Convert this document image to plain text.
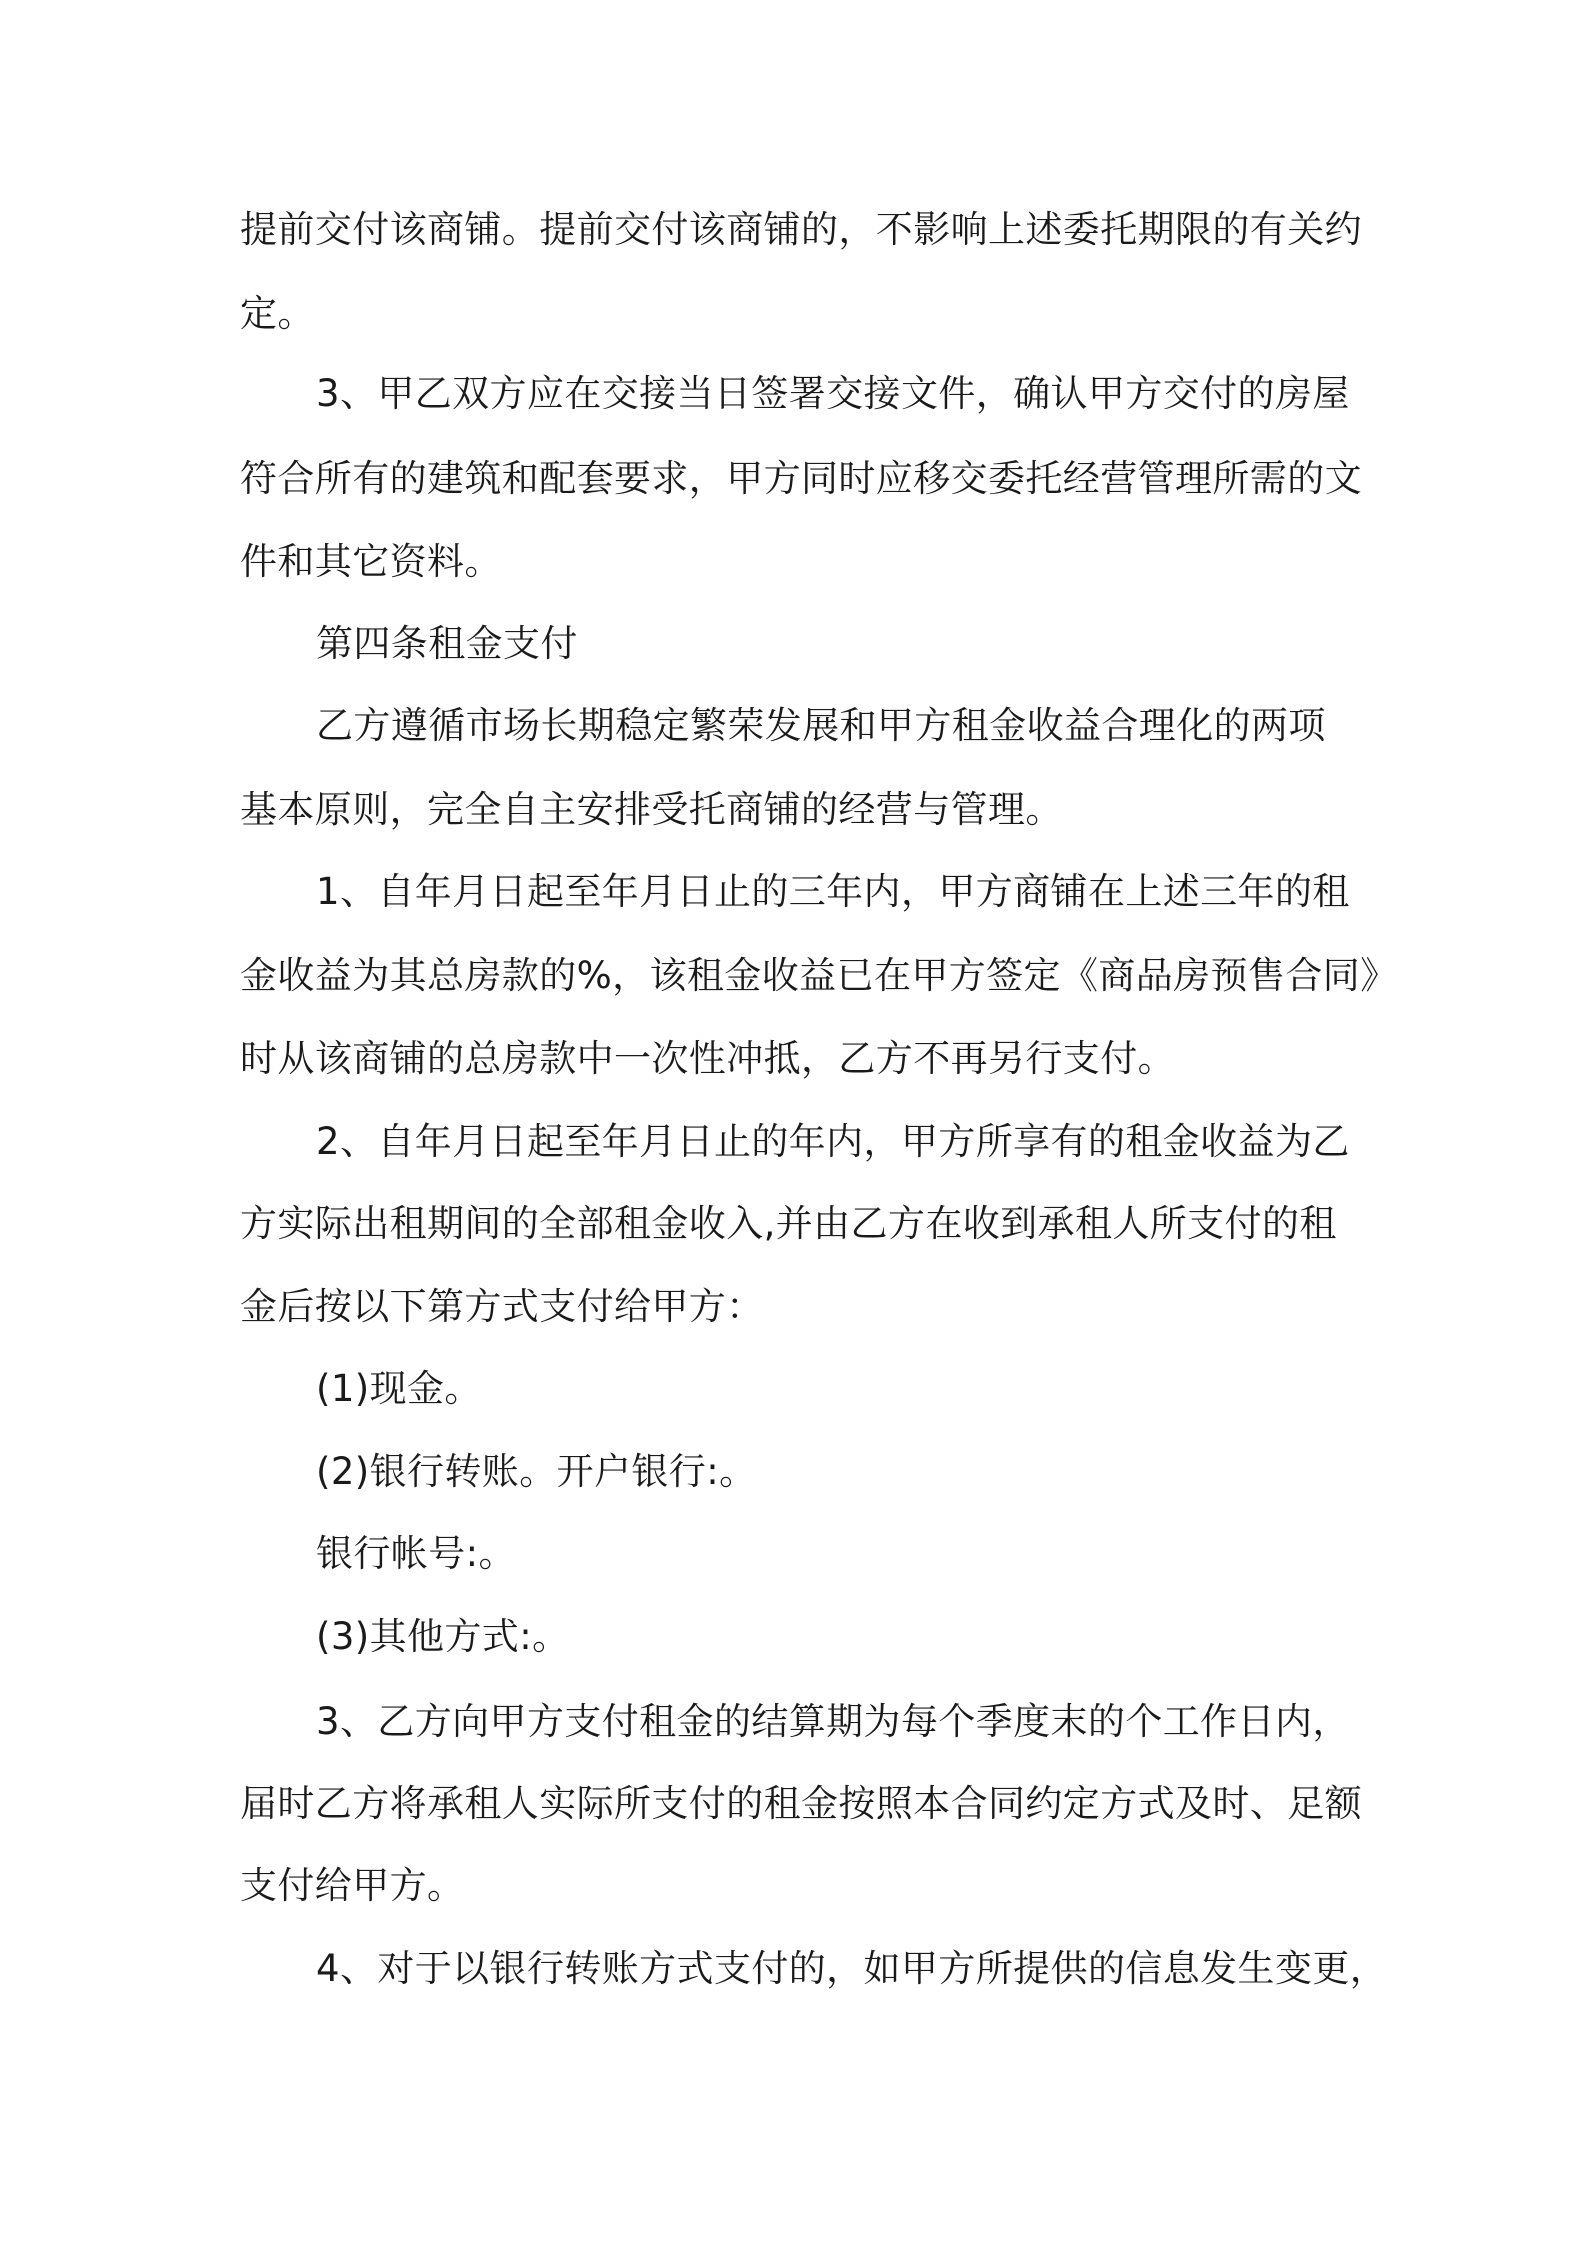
提前交付该商铺。提前交付该商铺的，不影响上述委托期限的有关约
定。
3、甲乙双方应在交接当日签署交接文件，确认甲方交付的房屋
符合所有的建筑和配套要求，甲方同时应移交委托经营管理所需的文
件和其它资料。
第四条租金支付
乙方遵循市场长期稳定繁荣发展和甲方租金收益合理化的两项
基本原则，完全自主安排受托商铺的经营与管理。
1、自年月日起至年月日止的三年内，甲方商铺在上述三年的租
金收益为其总房款的%，该租金收益已在甲方签定《商品房预售合同》
时从该商铺的总房款中一次性冲抵，乙方不再另行支付。
2、自年月日起至年月日止的年内，甲方所享有的租金收益为乙
方实际出租期间的全部租金收入,并由乙方在收到承租人所支付的租
金后按以下第方式支付给甲方：
(1)现金。
(2)银行转账。开户银行:。
银行帐号:。
(3)其他方式:。
3、乙方向甲方支付租金的结算期为每个季度末的个工作日内，
届时乙方将承租人实际所支付的租金按照本合同约定方式及时、足额
支付给甲方。
4、对于以银行转账方式支付的，如甲方所提供的信息发生变更，
